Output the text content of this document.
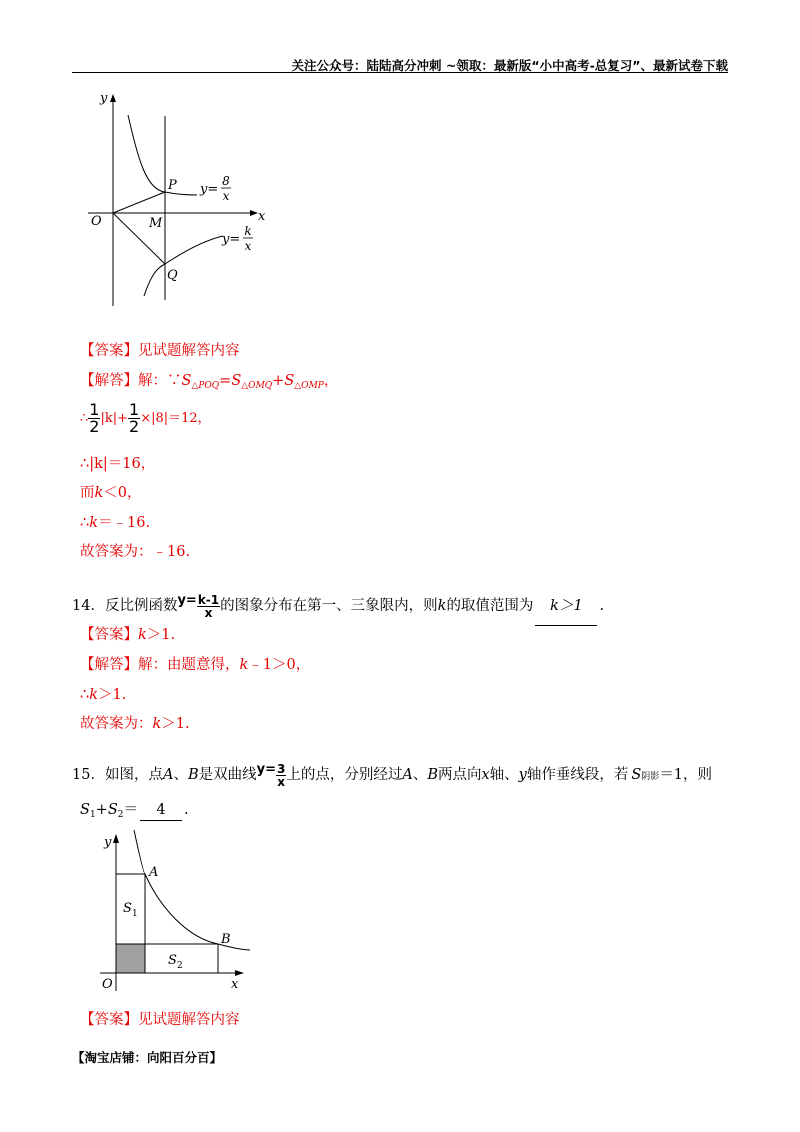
关注公众号：陆陆高分冲刺 ~领取：最新版“小中高考-总复习”、最新试卷下载
y
x
O
P
M
Q
y=
8
x
y=
k
x
【答案】见试题解答内容
【解答】解：$\because S_{\triangle POQ}=S_{\triangle OMQ}+S_{\triangle OMP}$，
∴ $\frac{1}{2} |k|+ \frac{1}{2} \times|8|=12$，
∴|k|＝16，
而k＜0，
∴k＝﹣16.
故答案为：﹣16.
14．反比例函数$y= \frac{k-1}{x}$ 的图象分布在第一、三象限内，则k的取值范围为 k＞1 .
【答案】k＞1.
【解答】解：由题意得，k﹣1＞0，
∴k＞1.
故答案为：k＞1.
15．如图，点A、B是双曲线$y= \frac{3}{x}$ 上的点，分别经过A、B两点向x轴、y轴作垂线段，若 S阴影＝1，则
$S_1+S_2= 4$ .
y
x
O
A
B
S 1
S 2
【答案】见试题解答内容
【淘宝店铺：向阳百分百】
